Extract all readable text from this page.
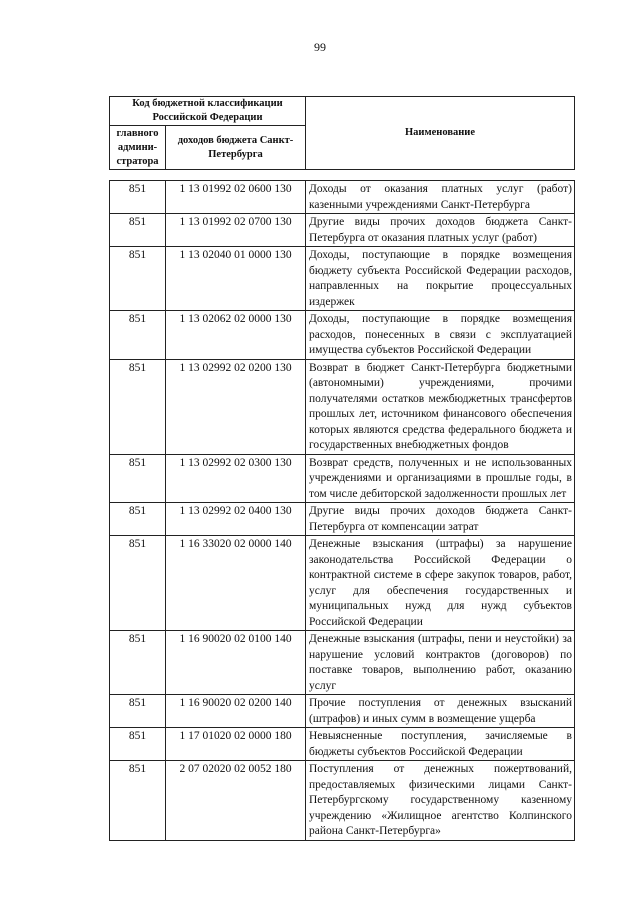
99
Код бюджетной классификации Российской Федерации		Наименование
главного админи-стратора	доходов бюджета Санкт-Петербурга	
851	1 13 01992 02 0600 130	Доходы от оказания платных услуг (работ) казенными учреждениями Санкт-Петербурга
851	1 13 01992 02 0700 130	Другие виды прочих доходов бюджета Санкт-Петербурга от оказания платных услуг (работ)
851	1 13 02040 01 0000 130	Доходы, поступающие в порядке возмещения бюджету субъекта Российской Федерации расходов, направленных на покрытие процессуальных издержек
851	1 13 02062 02 0000 130	Доходы, поступающие в порядке возмещения расходов, понесенных в связи с эксплуатацией имущества субъектов Российской Федерации
851	1 13 02992 02 0200 130	Возврат в бюджет Санкт-Петербурга бюджетными (автономными) учреждениями, прочими получателями остатков межбюджетных трансфертов прошлых лет, источником финансового обеспечения которых являются средства федерального бюджета и государственных внебюджетных фондов
851	1 13 02992 02 0300 130	Возврат средств, полученных и не использованных учреждениями и организациями в прошлые годы, в том числе дебиторской задолженности прошлых лет
851	1 13 02992 02 0400 130	Другие виды прочих доходов бюджета Санкт-Петербурга от компенсации затрат
851	1 16 33020 02 0000 140	Денежные взыскания (штрафы) за нарушение законодательства Российской Федерации о контрактной системе в сфере закупок товаров, работ, услуг для обеспечения государственных и муниципальных нужд для нужд субъектов Российской Федерации
851	1 16 90020 02 0100 140	Денежные взыскания (штрафы, пени и неустойки) за нарушение условий контрактов (договоров) по поставке товаров, выполнению работ, оказанию услуг
851	1 16 90020 02 0200 140	Прочие поступления от денежных взысканий (штрафов) и иных сумм в возмещение ущерба
851	1 17 01020 02 0000 180	Невыясненные поступления, зачисляемые в бюджеты субъектов Российской Федерации
851	2 07 02020 02 0052 180	Поступления от денежных пожертвований, предоставляемых физическими лицами Санкт-Петербургскому государственному казенному учреждению «Жилищное агентство Колпинского района Санкт-Петербурга»
